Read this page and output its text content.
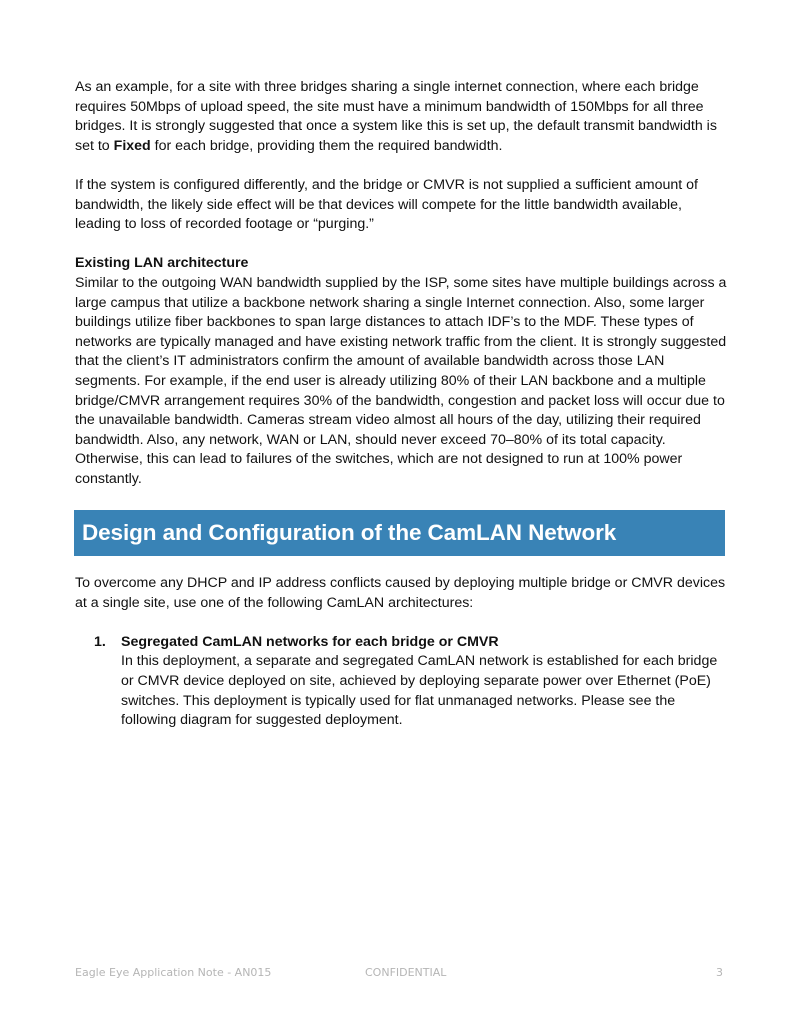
As an example, for a site with three bridges sharing a single internet connection, where each bridge requires 50Mbps of upload speed, the site must have a minimum bandwidth of 150Mbps for all three bridges. It is strongly suggested that once a system like this is set up, the default transmit bandwidth is set to Fixed for each bridge, providing them the required bandwidth.

If the system is configured differently, and the bridge or CMVR is not supplied a sufficient amount of bandwidth, the likely side effect will be that devices will compete for the little bandwidth available, leading to loss of recorded footage or “purging.”

Existing LAN architecture

Similar to the outgoing WAN bandwidth supplied by the ISP, some sites have multiple buildings across a large campus that utilize a backbone network sharing a single Internet connection. Also, some larger buildings utilize fiber backbones to span large distances to attach IDF’s to the MDF. These types of networks are typically managed and have existing network traffic from the client. It is strongly suggested that the client’s IT administrators confirm the amount of available bandwidth across those LAN segments. For example, if the end user is already utilizing 80% of their LAN backbone and a multiple bridge/CMVR arrangement requires 30% of the bandwidth, congestion and packet loss will occur due to the unavailable bandwidth. Cameras stream video almost all hours of the day, utilizing their required bandwidth. Also, any network, WAN or LAN, should never exceed 70–80% of its total capacity. Otherwise, this can lead to failures of the switches, which are not designed to run at 100% power constantly.

Design and Configuration of the CamLAN Network

To overcome any DHCP and IP address conflicts caused by deploying multiple bridge or CMVR devices at a single site, use one of the following CamLAN architectures:

1.	Segregated CamLAN networks for each bridge or CMVR

In this deployment, a separate and segregated CamLAN network is established for each bridge or CMVR device deployed on site, achieved by deploying separate power over Ethernet (PoE) switches. This deployment is typically used for flat unmanaged networks. Please see the following diagram for suggested deployment.

Eagle Eye Application Note - AN015	CONFIDENTIAL	3
